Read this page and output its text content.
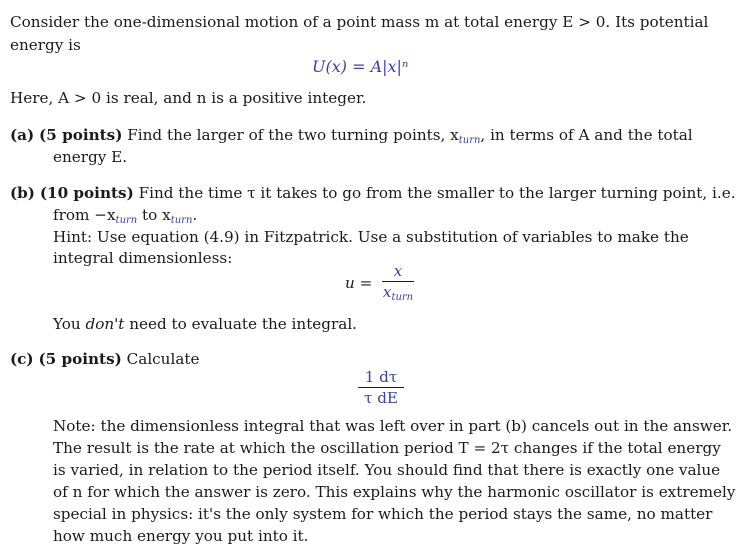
Consider the one-dimensional motion of a point mass m at total energy E > 0. Its potential
energy is
U(x) = A|x|ⁿ
Here, A > 0 is real, and n is a positive integer.
(a) (5 points) Find the larger of the two turning points, $x_{turn}$, in terms of A and the total
energy E.
(b) (10 points) Find the time τ it takes to go from the smaller to the larger turning point, i.e.
from $-x_{turn}$ to $x_{turn}$.
Hint: Use equation (4.9) in Fitzpatrick. Use a substitution of variables to make the
integral dimensionless:
u =
x
$x_{turn}$
You don't need to evaluate the integral.
(c) (5 points) Calculate
1 dτ
τ dE
Note: the dimensionless integral that was left over in part (b) cancels out in the answer.
The result is the rate at which the oscillation period T = 2τ changes if the total energy
is varied, in relation to the period itself. You should find that there is exactly one value
of n for which the answer is zero. This explains why the harmonic oscillator is extremely
special in physics: it's the only system for which the period stays the same, no matter
how much energy you put into it.
